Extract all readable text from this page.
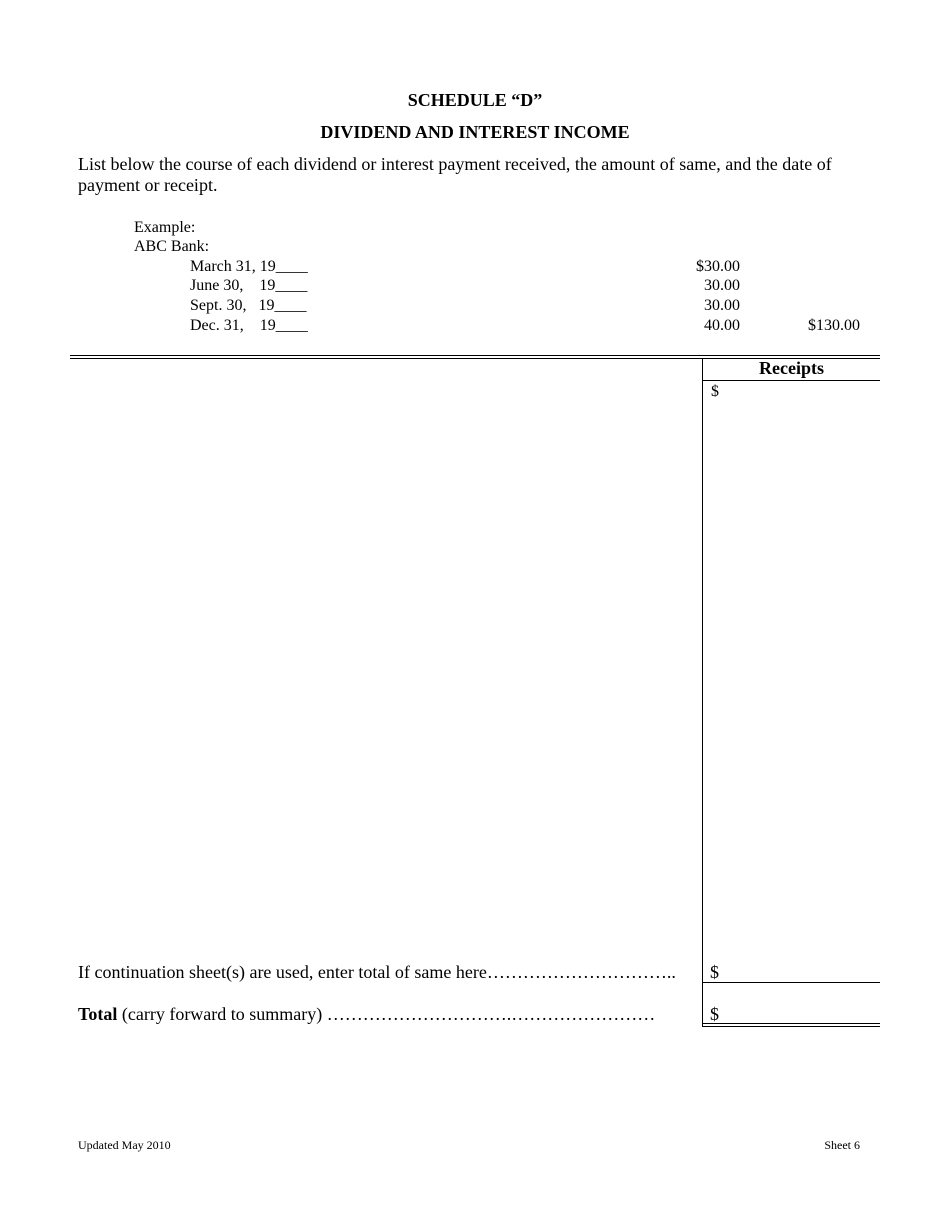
SCHEDULE “D”
DIVIDEND AND INTEREST INCOME
List below the course of each dividend or interest payment received, the amount of same, and the date of payment or receipt.
Example:
ABC Bank:
March 31, 19____	$30.00
June 30,    19____	30.00
Sept. 30,   19____	30.00
Dec. 31,    19____	40.00	$130.00
Receipts
$
If continuation sheet(s) are used, enter total of same here………………………….. $
Total (carry forward to summary) ………………………….……………………	$
Updated May 2010	Sheet 6
